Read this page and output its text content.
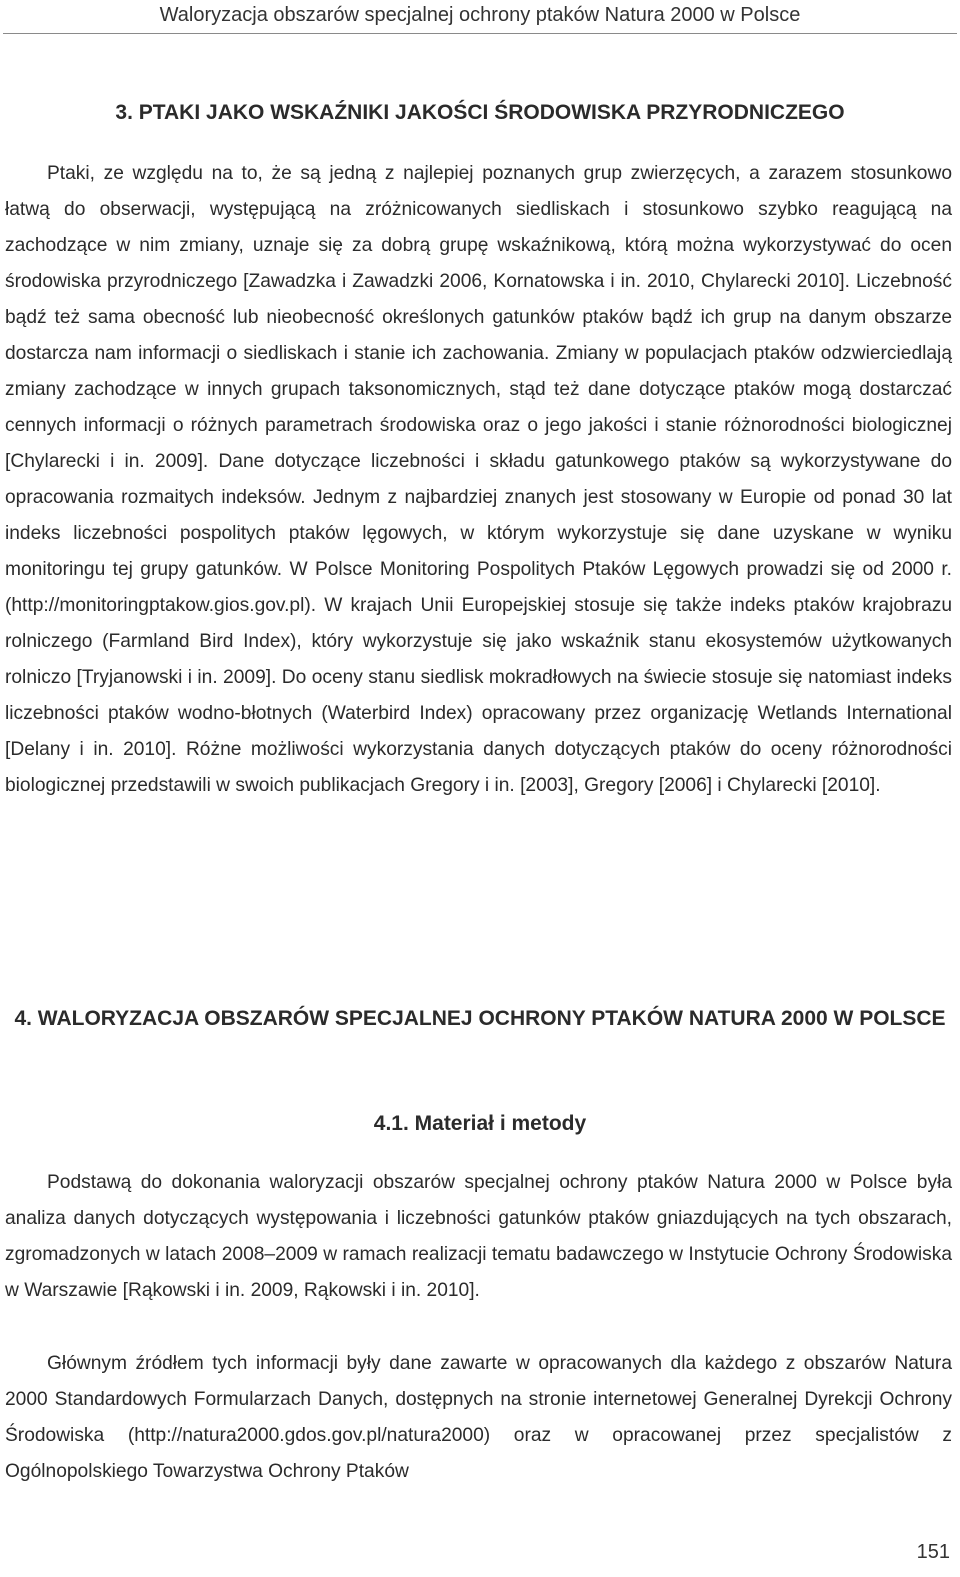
Waloryzacja obszarów specjalnej ochrony ptaków Natura 2000 w Polsce
3. PTAKI JAKO WSKAŹNIKI JAKOŚCI ŚRODOWISKA PRZYRODNICZEGO

Ptaki, ze względu na to, że są jedną z najlepiej poznanych grup zwierzęcych, a zarazem stosunkowo łatwą do obserwacji, występującą na zróżnicowanych siedliskach i stosunkowo szybko reagującą na zachodzące w nim zmiany, uznaje się za dobrą grupę wskaźnikową, którą można wykorzystywać do ocen środowiska przyrodniczego [Zawadzka i Zawadzki 2006, Kornatowska i in. 2010, Chylarecki 2010]. Liczebność bądź też sama obecność lub nieobecność określonych gatunków ptaków bądź ich grup na danym obszarze dostarcza nam informacji o siedliskach i stanie ich zachowania. Zmiany w populacjach ptaków odzwierciedlają zmiany zachodzące w innych grupach taksonomicznych, stąd też dane dotyczące ptaków mogą dostarczać cennych informacji o różnych parametrach środowiska oraz o jego jakości i stanie różnorodności biologicznej [Chylarecki i in. 2009]. Dane dotyczące liczebności i składu gatunkowego ptaków są wykorzystywane do opracowania rozmaitych indeksów. Jednym z najbardziej znanych jest stosowany w Europie od ponad 30 lat indeks liczebności pospolitych ptaków lęgowych, w którym wykorzystuje się dane uzyskane w wyniku monitoringu tej grupy gatunków. W Polsce Monitoring Pospolitych Ptaków Lęgowych prowadzi się od 2000 r. (http://monitoringptakow.gios.gov.pl). W krajach Unii Europejskiej stosuje się także indeks ptaków krajobrazu rolniczego (Farmland Bird Index), który wykorzystuje się jako wskaźnik stanu ekosystemów użytkowanych rolniczo [Tryjanowski i in. 2009]. Do oceny stanu siedlisk mokradłowych na świecie stosuje się natomiast indeks liczebności ptaków wodno-błotnych (Waterbird Index) opracowany przez organizację Wetlands International [Delany i in. 2010]. Różne możliwości wykorzystania danych dotyczących ptaków do oceny różnorodności biologicznej przedstawili w swoich publikacjach Gregory i in. [2003], Gregory [2006] i Chylarecki [2010].

4. WALORYZACJA OBSZARÓW SPECJALNEJ OCHRONY PTAKÓW NATURA 2000 W POLSCE
4.1. Materiał i metody

Podstawą do dokonania waloryzacji obszarów specjalnej ochrony ptaków Natura 2000 w Polsce była analiza danych dotyczących występowania i liczebności gatunków ptaków gniazdujących na tych obszarach, zgromadzonych w latach 2008–2009 w ramach realizacji tematu badawczego w Instytucie Ochrony Środowiska w Warszawie [Rąkowski i in. 2009, Rąkowski i in. 2010].

Głównym źródłem tych informacji były dane zawarte w opracowanych dla każdego z obszarów Natura 2000 Standardowych Formularzach Danych, dostępnych na stronie internetowej Generalnej Dyrekcji Ochrony Środowiska (http://natura2000.gdos.gov.pl/natura2000) oraz w opracowanej przez specjalistów z Ogólnopolskiego Towarzystwa Ochrony Ptaków

151
